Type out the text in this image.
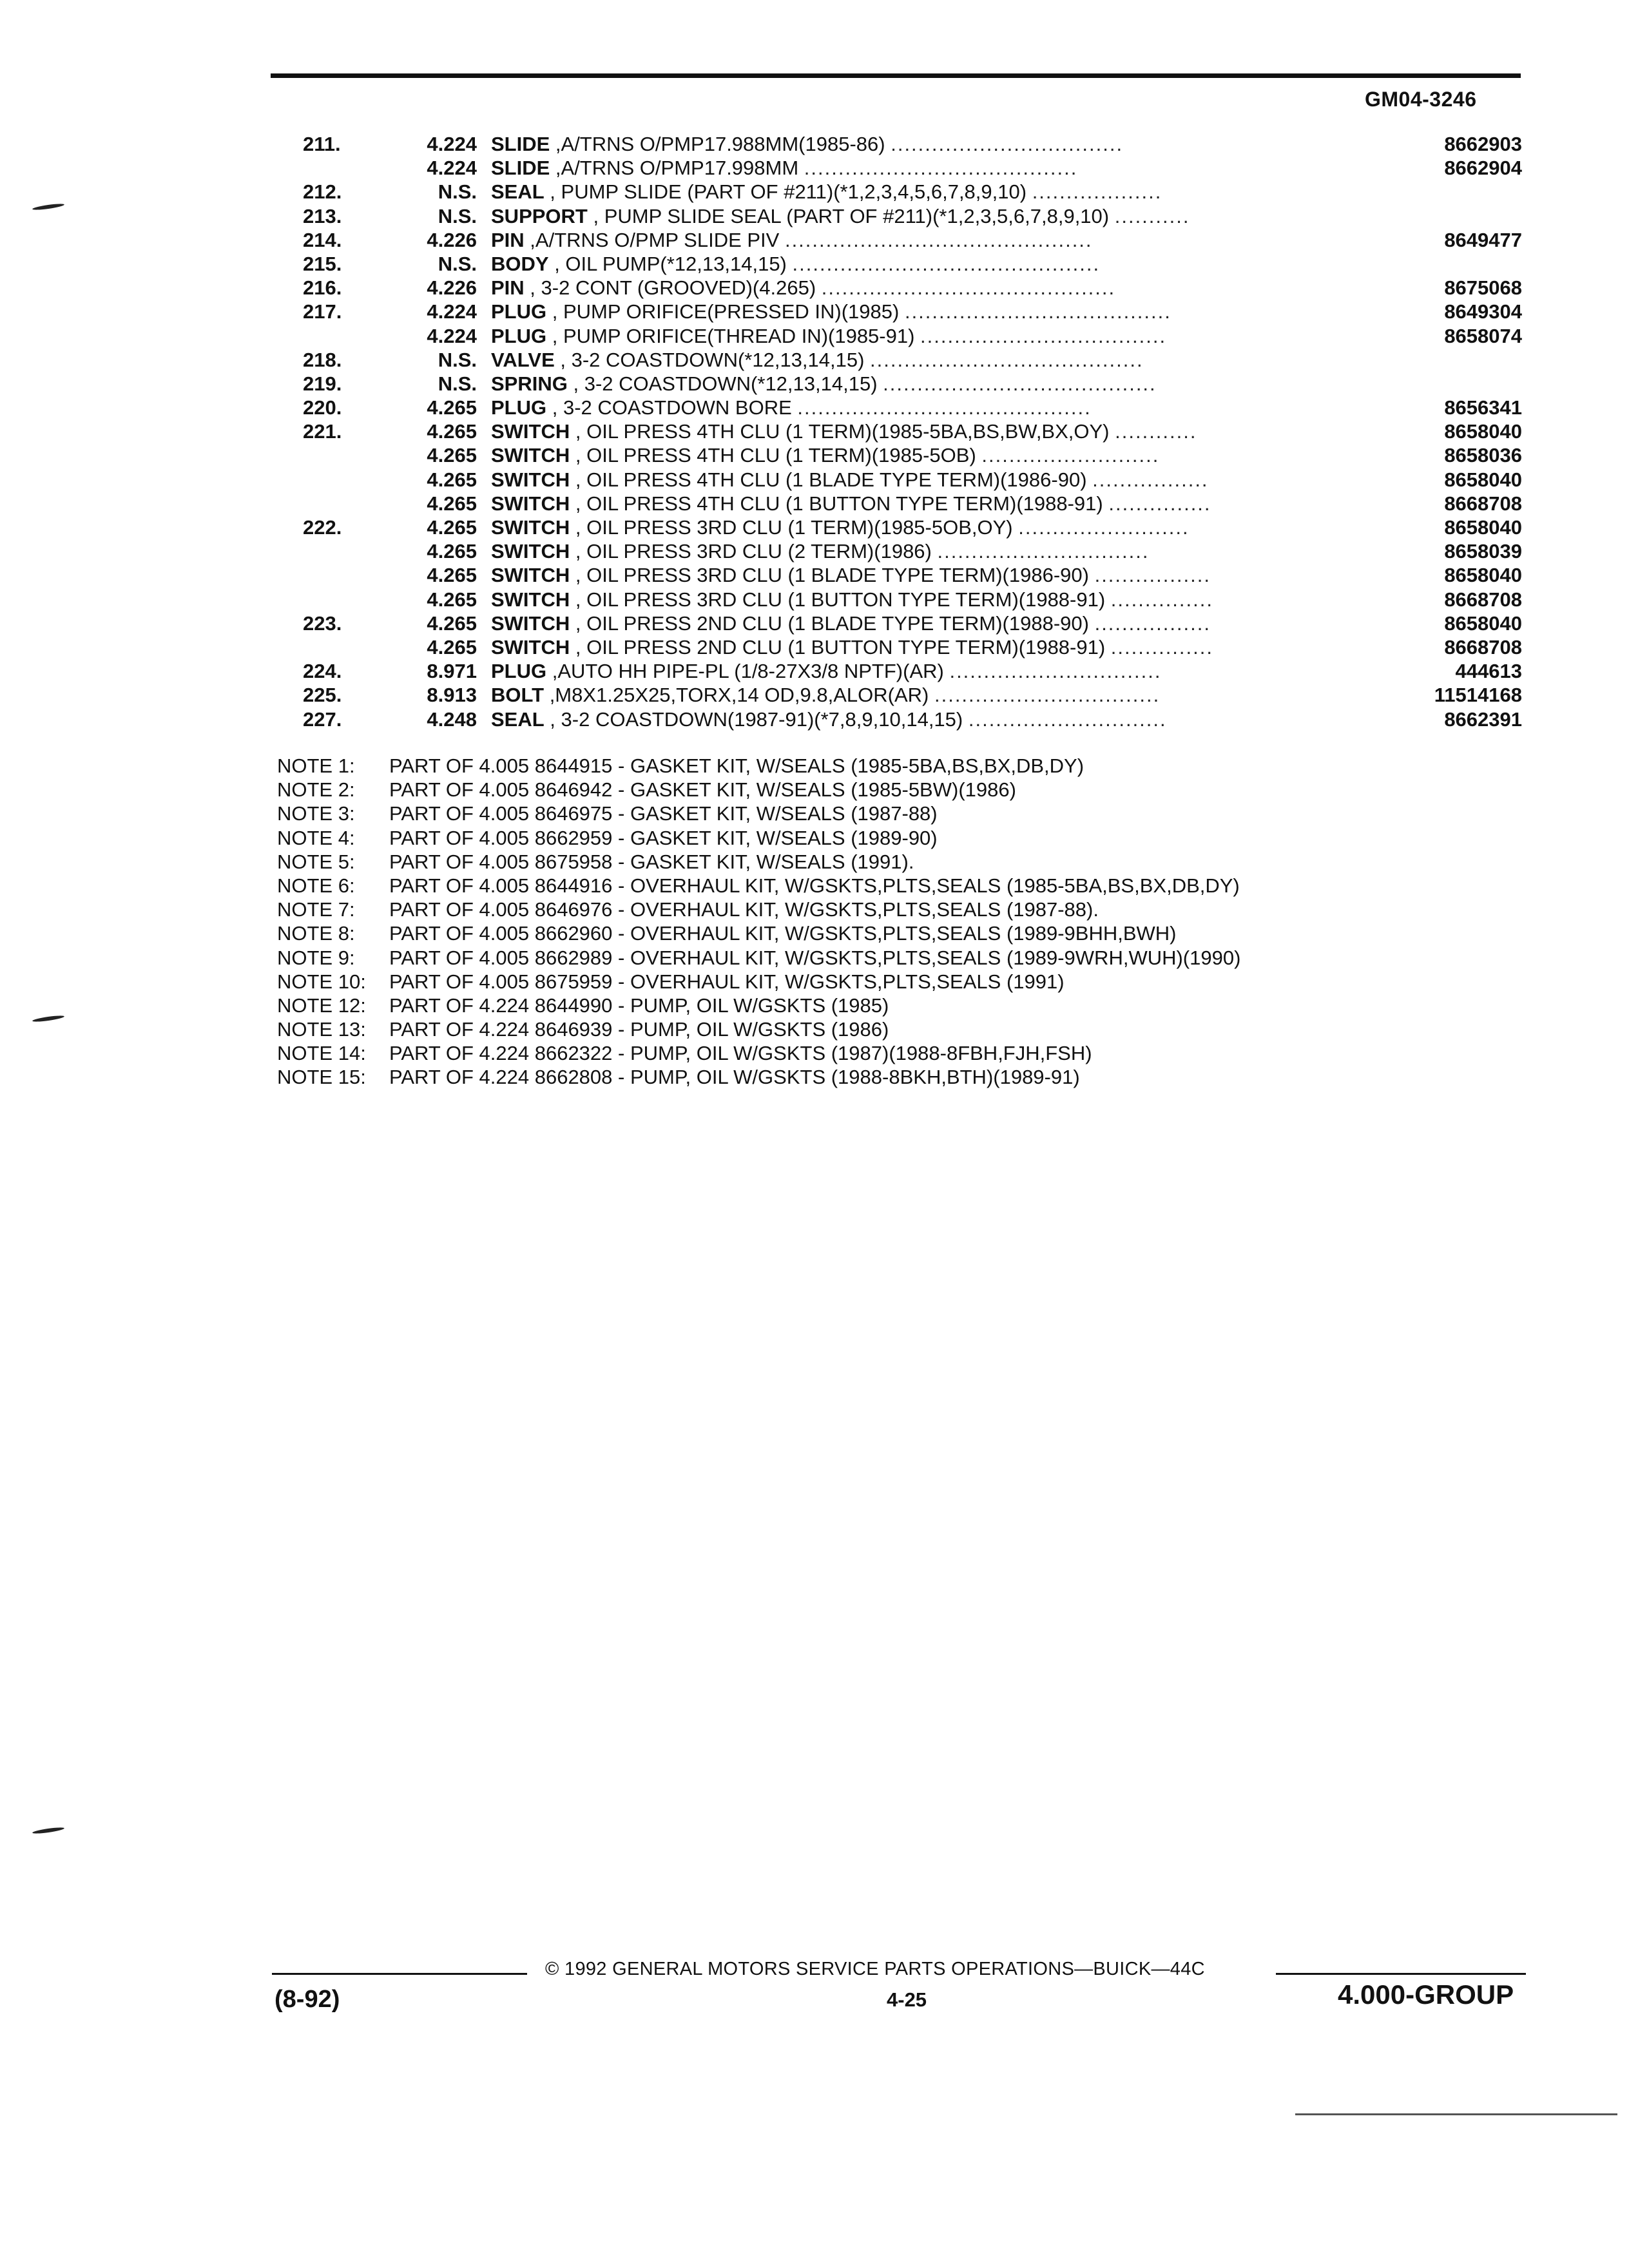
GM04-3246
211.	4.224 SLIDE ,A/TRNS O/PMP17.988MM(1985-86) ..................................	8662903
4.224 SLIDE ,A/TRNS O/PMP17.998MM ........................................	8662904
212.	N.S. SEAL , PUMP SLIDE (PART OF #211)(*1,2,3,4,5,6,7,8,9,10) ...................
213.	N.S. SUPPORT , PUMP SLIDE SEAL (PART OF #211)(*1,2,3,5,6,7,8,9,10) ...........
214.	4.226 PIN ,A/TRNS O/PMP SLIDE PIV .............................................	8649477
215.	N.S. BODY , OIL PUMP(*12,13,14,15) .............................................
216.	4.226 PIN , 3-2 CONT (GROOVED)(4.265) ...........................................	8675068
217.	4.224 PLUG , PUMP ORIFICE(PRESSED IN)(1985) .......................................	8649304
4.224 PLUG , PUMP ORIFICE(THREAD IN)(1985-91) ....................................	8658074
218.	N.S. VALVE , 3-2 COASTDOWN(*12,13,14,15) ........................................
219.	N.S. SPRING , 3-2 COASTDOWN(*12,13,14,15) ........................................
220.	4.265 PLUG , 3-2 COASTDOWN BORE ...........................................	8656341
221.	4.265 SWITCH , OIL PRESS 4TH CLU (1 TERM)(1985-5BA,BS,BW,BX,OY) ............	8658040
4.265 SWITCH , OIL PRESS 4TH CLU (1 TERM)(1985-5OB) ..........................	8658036
4.265 SWITCH , OIL PRESS 4TH CLU (1 BLADE TYPE TERM)(1986-90) .................	8658040
4.265 SWITCH , OIL PRESS 4TH CLU (1 BUTTON TYPE TERM)(1988-91) ...............	8668708
222.	4.265 SWITCH , OIL PRESS 3RD CLU (1 TERM)(1985-5OB,OY) .........................	8658040
4.265 SWITCH , OIL PRESS 3RD CLU (2 TERM)(1986) ...............................	8658039
4.265 SWITCH , OIL PRESS 3RD CLU (1 BLADE TYPE TERM)(1986-90) .................	8658040
4.265 SWITCH , OIL PRESS 3RD CLU (1 BUTTON TYPE TERM)(1988-91) ...............	8668708
223.	4.265 SWITCH , OIL PRESS 2ND CLU (1 BLADE TYPE TERM)(1988-90) .................	8658040
4.265 SWITCH , OIL PRESS 2ND CLU (1 BUTTON TYPE TERM)(1988-91) ...............	8668708
224.	8.971 PLUG ,AUTO HH PIPE-PL (1/8-27X3/8 NPTF)(AR) ...............................	444613
225.	8.913 BOLT ,M8X1.25X25,TORX,14 OD,9.8,ALOR(AR) .................................	11514168
227.	4.248 SEAL , 3-2 COASTDOWN(1987-91)(*7,8,9,10,14,15) .............................	8662391
NOTE 1: PART OF 4.005 8644915 - GASKET KIT, W/SEALS (1985-5BA,BS,BX,DB,DY)
NOTE 2: PART OF 4.005 8646942 - GASKET KIT, W/SEALS (1985-5BW)(1986)
NOTE 3: PART OF 4.005 8646975 - GASKET KIT, W/SEALS (1987-88)
NOTE 4: PART OF 4.005 8662959 - GASKET KIT, W/SEALS (1989-90)
NOTE 5: PART OF 4.005 8675958 - GASKET KIT, W/SEALS (1991).
NOTE 6: PART OF 4.005 8644916 - OVERHAUL KIT, W/GSKTS,PLTS,SEALS (1985-5BA,BS,BX,DB,DY)
NOTE 7: PART OF 4.005 8646976 - OVERHAUL KIT, W/GSKTS,PLTS,SEALS (1987-88).
NOTE 8: PART OF 4.005 8662960 - OVERHAUL KIT, W/GSKTS,PLTS,SEALS (1989-9BHH,BWH)
NOTE 9: PART OF 4.005 8662989 - OVERHAUL KIT, W/GSKTS,PLTS,SEALS (1989-9WRH,WUH)(1990)
NOTE 10: PART OF 4.005 8675959 - OVERHAUL KIT, W/GSKTS,PLTS,SEALS (1991)
NOTE 12: PART OF 4.224 8644990 - PUMP, OIL W/GSKTS (1985)
NOTE 13: PART OF 4.224 8646939 - PUMP, OIL W/GSKTS (1986)
NOTE 14: PART OF 4.224 8662322 - PUMP, OIL W/GSKTS (1987)(1988-8FBH,FJH,FSH)
NOTE 15: PART OF 4.224 8662808 - PUMP, OIL W/GSKTS (1988-8BKH,BTH)(1989-91)
© 1992 GENERAL MOTORS SERVICE PARTS OPERATIONS—BUICK—44C
(8-92)	4-25	4.000-GROUP
